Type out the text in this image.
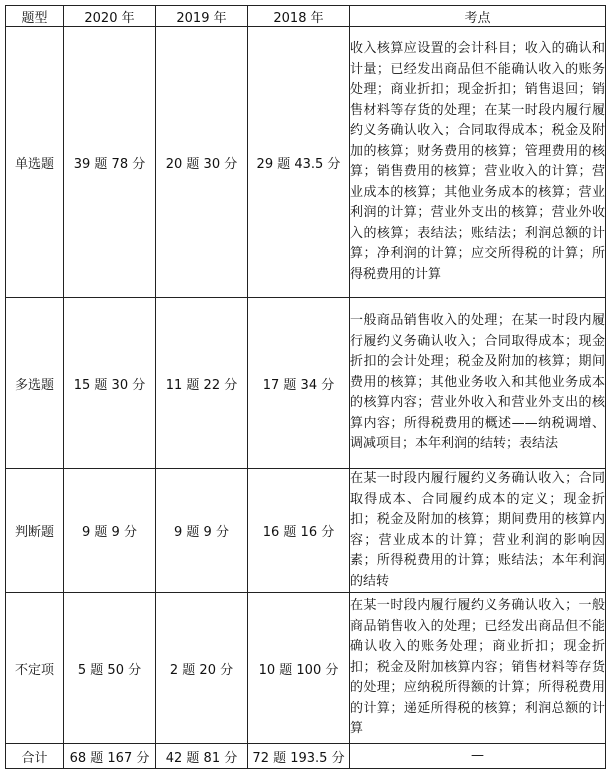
题型	2020 年	2019 年	2018 年	考点
单选题	39 题 78 分	20 题 30 分	29 题 43.5 分	收入核算应设置的会计科目；收入的确认和计量；已经发出商品但不能确认收入的账务处理；商业折扣；现金折扣；销售退回；销售材料等存货的处理；在某一时段内履行履约义务确认收入；合同取得成本；税金及附加的核算；财务费用的核算；管理费用的核算；销售费用的核算；营业收入的计算；营业成本的核算；其他业务成本的核算；营业利润的计算；营业外支出的核算；营业外收入的核算；表结法；账结法；利润总额的计算；净利润的计算；应交所得税的计算；所得税费用的计算
多选题	15 题 30 分	11 题 22 分	17 题 34 分	一般商品销售收入的处理；在某一时段内履行履约义务确认收入；合同取得成本；现金折扣的会计处理；税金及附加的核算；期间费用的核算；其他业务收入和其他业务成本的核算内容；营业外收入和营业外支出的核算内容；所得税费用的概述——纳税调增、调减项目；本年利润的结转；表结法
判断题	9 题 9 分	9 题 9 分	16 题 16 分	在某一时段内履行履约义务确认收入；合同取得成本、合同履约成本的定义；现金折扣；税金及附加的核算；期间费用的核算内容；营业成本的计算；营业利润的影响因素；所得税费用的计算；账结法；本年利润的结转
不定项	5 题 50 分	2 题 20 分	10 题 100 分	在某一时段内履行履约义务确认收入；一般商品销售收入的处理；已经发出商品但不能确认收入的账务处理；商业折扣；现金折扣；税金及附加核算内容；销售材料等存货的处理；应纳税所得额的计算；所得税费用的计算；递延所得税的核算；利润总额的计算
合计	68 题 167 分	42 题 81 分	72 题 193.5 分	—
